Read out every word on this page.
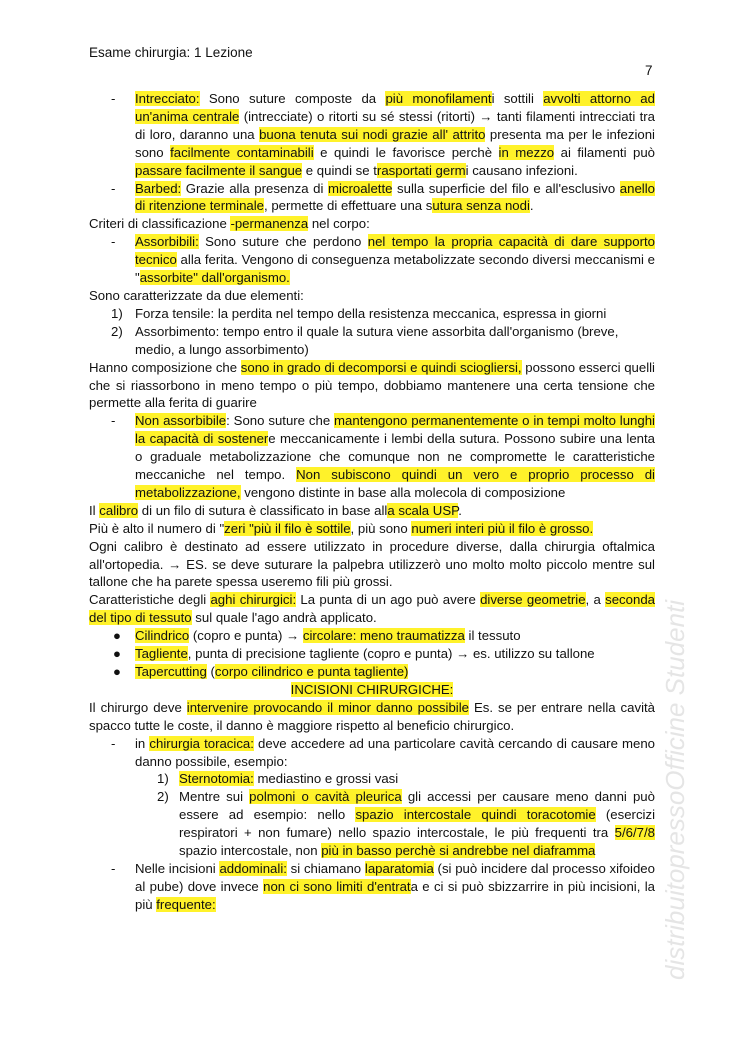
Esame chirurgia: 1 Lezione
7
distribuitopressoOfficine Studenti
-	Intrecciato: Sono suture composte da più monofilamenti sottili avvolti attorno ad un'anima centrale (intrecciate) o ritorti su sé stessi (ritorti) → tanti filamenti intrecciati tra di loro, daranno una buona tenuta sui nodi grazie all' attrito presenta ma per le infezioni sono facilmente contaminabili e quindi le favorisce perchè in mezzo ai filamenti può passare facilmente il sangue e quindi se trasportati germi causano infezioni.
-	Barbed: Grazie alla presenza di microalette sulla superficie del filo e all'esclusivo anello di ritenzione terminale, permette di effettuare una sutura senza nodi.

Criteri di classificazione -permanenza nel corpo:

-	Assorbibili: Sono suture che perdono nel tempo la propria capacità di dare supporto tecnico alla ferita. Vengono di conseguenza metabolizzate secondo diversi meccanismi e "assorbite" dall'organismo.

Sono caratterizzate da due elementi:

1) Forza tensile: la perdita nel tempo della resistenza meccanica, espressa in giorni
2) Assorbimento: tempo entro il quale la sutura viene assorbita dall'organismo (breve, medio, a lungo assorbimento)

Hanno composizione che sono in grado di decomporsi e quindi sciogliersi, possono esserci quelli che si riassorbono in meno tempo o più tempo, dobbiamo mantenere una certa tensione che permette alla ferita di guarire

-	Non assorbibile: Sono suture che mantengono permanentemente o in tempi molto lunghi la capacità di sostenere meccanicamente i lembi della sutura. Possono subire una lenta o graduale metabolizzazione che comunque non ne compromette le caratteristiche meccaniche nel tempo. Non subiscono quindi un vero e proprio processo di metabolizzazione, vengono distinte in base alla molecola di composizione

Il calibro di un filo di sutura è classificato in base alla scala USP.

Più è alto il numero di "zeri "più il filo è sottile, più sono numeri interi più il filo è grosso.

Ogni calibro è destinato ad essere utilizzato in procedure diverse, dalla chirurgia oftalmica all'ortopedia. → ES. se deve suturare la palpebra utilizzerò uno molto molto piccolo mentre sul tallone che ha parete spessa useremo fili più grossi.

Caratteristiche degli aghi chirurgici: La punta di un ago può avere diverse geometrie, a seconda del tipo di tessuto sul quale l'ago andrà applicato.

●	Cilindrico (copro e punta) → circolare: meno traumatizza il tessuto
●	Tagliente, punta di precisione tagliente (copro e punta) → es. utilizzo su tallone
●	Tapercutting (corpo cilindrico e punta tagliente)

INCISIONI CHIRURGICHE:

Il chirurgo deve intervenire provocando il minor danno possibile Es. se per entrare nella cavità spacco tutte le coste, il danno è maggiore rispetto al beneficio chirurgico.

-	in chirurgia toracica: deve accedere ad una particolare cavità cercando di causare meno danno possibile, esempio:
1) Sternotomia: mediastino e grossi vasi
2) Mentre sui polmoni o cavità pleurica gli accessi per causare meno danni può essere ad esempio: nello spazio intercostale quindi toracotomie (esercizi respiratori + non fumare) nello spazio intercostale, le più frequenti tra 5/6/7/8 spazio intercostale, non più in basso perchè si andrebbe nel diaframma
-	Nelle incisioni addominali: si chiamano laparatomia (si può incidere dal processo xifoideo al pube) dove invece non ci sono limiti d'entrata e ci si può sbizzarrire in più incisioni, la più frequente:
